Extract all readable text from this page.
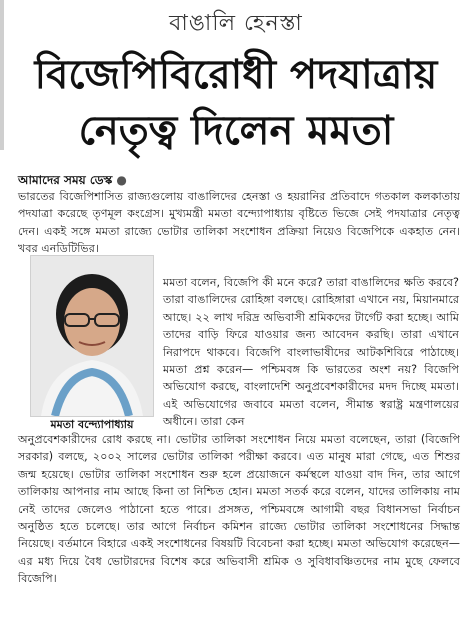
বাঙালি হেনস্তা
বিজেপিবিরোধী পদযাত্রায়
নেতৃত্ব দিলেন মমতা
আমাদের সময় ডেস্ক ●

ভারতের বিজেপিশাসিত রাজ্যগুলোয় বাঙালিদের হেনস্তা ও হয়রানির প্রতিবাদে গতকাল কলকাতায় পদযাত্রা করেছে তৃণমূল কংগ্রেস। মুখ্যমন্ত্রী মমতা বন্দ্যোপাধ্যায় বৃষ্টিতে ভিজে সেই পদযাত্রার নেতৃত্ব দেন। একই সঙ্গে মমতা রাজ্যে ভোটার তালিকা সংশোধন প্রক্রিয়া নিয়েও বিজেপিকে একহাত নেন। খবর এনডিটিভির।

মমতা বন্দ্যোপাধ্যায়

মমতা বলেন, বিজেপি কী মনে করে? তারা বাঙালিদের ক্ষতি করবে? তারা বাঙালিদের রোহিঙ্গা বলছে। রোহিঙ্গারা এখানে নয়, মিয়ানমারে আছে। ২২ লাখ দরিদ্র অভিবাসী শ্রমিকদের টার্গেট করা হচ্ছে। আমি তাদের বাড়ি ফিরে যাওয়ার জন্য আবেদন করছি। তারা এখানে নিরাপদে থাকবে। বিজেপি বাংলাভাষীদের আটকশিবিরে পাঠাচ্ছে। মমতা প্রশ্ন করেন— পশ্চিমবঙ্গ কি ভারতের অংশ নয়? বিজেপি অভিযোগ করছে, বাংলাদেশি অনুপ্রবেশকারীদের মদদ দিচ্ছে মমতা। এই অভিযোগের জবাবে মমতা বলেন, সীমান্ত স্বরাষ্ট্র মন্ত্রণালয়ের অধীনে। তারা কেন

অনুপ্রবেশকারীদের রোধ করছে না। ভোটার তালিকা সংশোধন নিয়ে মমতা বলেছেন, তারা (বিজেপি সরকার) বলছে, ২০০২ সালের ভোটার তালিকা পরীক্ষা করবে। এত মানুষ মারা গেছে, এত শিশুর জন্ম হয়েছে। ভোটার তালিকা সংশোধন শুরু হলে প্রয়োজনে কর্মস্থলে যাওয়া বাদ দিন, তার আগে তালিকায় আপনার নাম আছে কিনা তা নিশ্চিত হোন। মমতা সতর্ক করে বলেন, যাদের তালিকায় নাম নেই তাদের জেলেও পাঠানো হতে পারে। প্রসঙ্গত, পশ্চিমবঙ্গে আগামী বছর বিধানসভা নির্বাচন অনুষ্ঠিত হতে চলেছে। তার আগে নির্বাচন কমিশন রাজ্যে ভোটার তালিকা সংশোধনের সিদ্ধান্ত নিয়েছে। বর্তমানে বিহারে একই সংশোধনের বিষয়টি বিবেচনা করা হচ্ছে। মমতা অভিযোগ করেছেন— এর মধ্য দিয়ে বৈধ ভোটারদের বিশেষ করে অভিবাসী শ্রমিক ও সুবিধাবঞ্চিতদের নাম মুছে ফেলবে বিজেপি।
